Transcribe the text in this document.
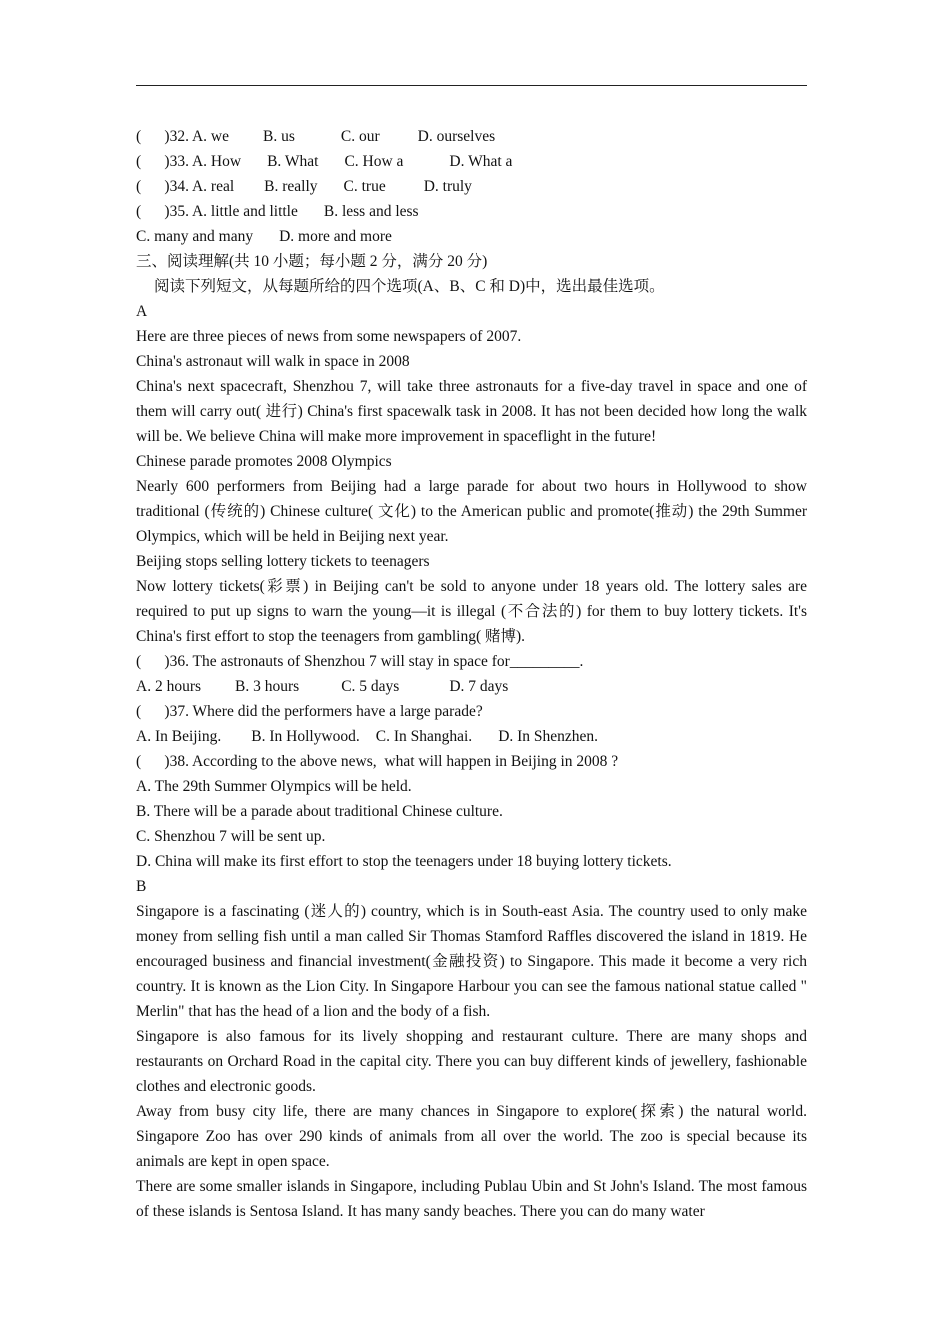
(      )32. A. we B. us	C. our D. ourselves
(      )33. A. How B. What C. How a	D. What a
(      )34. A. real B. really C. true D. truly
(      )35. A. little and little B. less and less
C. many and many D. more and more
三、阅读理解(共 10 小题；每小题 2 分，满分 20 分)
阅读下列短文，从每题所给的四个选项(A、B、C 和 D)中，选出最佳选项。
A
Here are three pieces of news from some newspapers of 2007.
China's astronaut will walk in space in 2008
China's next spacecraft, Shenzhou 7, will take three astronauts for a five-day travel in space and one of them will carry out( 进行) China's first spacewalk task in 2008. It has not been decided how long the walk will be. We believe China will make more improvement in spaceflight in the future!
Chinese parade promotes 2008 Olympics
Nearly 600 performers from Beijing had a large parade for about two hours in Hollywood to show traditional (传统的) Chinese culture( 文化) to the American public and promote(推动) the 29th Summer Olympics, which will be held in Beijing next year.
Beijing stops selling lottery tickets to teenagers
Now lottery tickets(彩票) in Beijing can't be sold to anyone under 18 years old. The lottery sales are required to put up signs to warn the young—it is illegal (不合法的) for them to buy lottery tickets. It's China's first effort to stop the teenagers from gambling( 赌博).
(      )36. The astronauts of Shenzhou 7 will stay in space for_________.
A. 2 hours B. 3 hours	C. 5 days	D. 7 days
(      )37. Where did the performers have a large parade?
A. In Beijing. B. In Hollywood. C. In Shanghai. D. In Shenzhen.
(      )38. According to the above news,  what will happen in Beijing in 2008 ?
A. The 29th Summer Olympics will be held.
B. There will be a parade about traditional Chinese culture.
C. Shenzhou 7 will be sent up.
D. China will make its first effort to stop the teenagers under 18 buying lottery tickets.
B
Singapore is a fascinating (迷人的) country, which is in South-east Asia. The country used to only make money from selling fish until a man called Sir Thomas Stamford Raffles discovered the island in 1819. He encouraged business and financial investment(金融投资) to Singapore. This made it become a very rich country. It is known as the Lion City. In Singapore Harbour you can see the famous national statue called " Merlin" that has the head of a lion and the body of a fish.
Singapore is also famous for its lively shopping and restaurant culture. There are many shops and restaurants on Orchard Road in the capital city. There you can buy different kinds of jewellery, fashionable clothes and electronic goods.
Away from busy city life, there are many chances in Singapore to explore(探索) the natural world. Singapore Zoo has over 290 kinds of animals from all over the world. The zoo is special because its animals are kept in open space.
There are some smaller islands in Singapore, including Publau Ubin and St John's Island. The most famous of these islands is Sentosa Island. It has many sandy beaches. There you can do many water
